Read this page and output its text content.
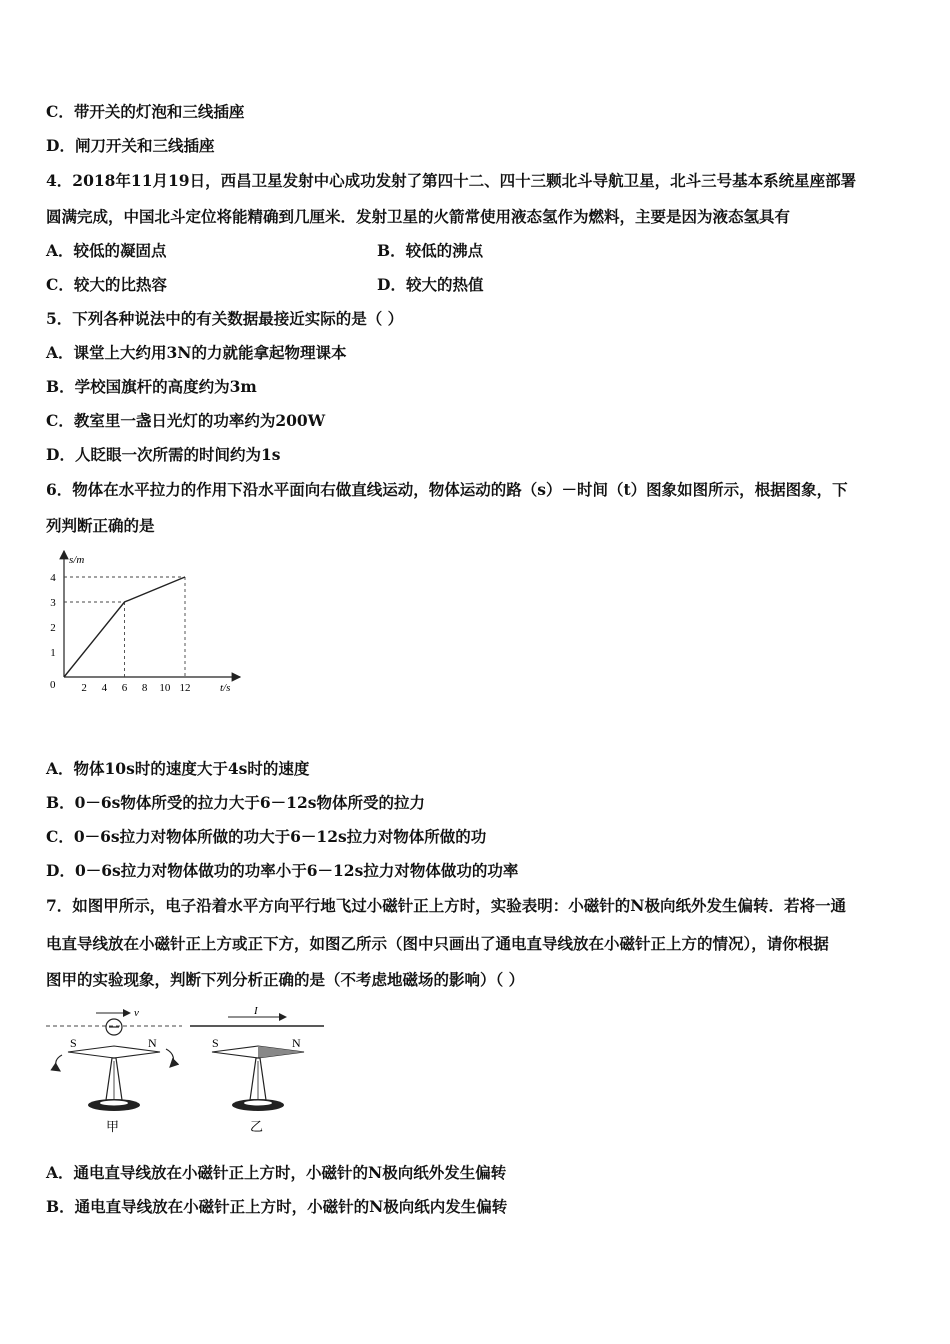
C．带开关的灯泡和三线插座
D．闸刀开关和三线插座
4．2018年11月19日，西昌卫星发射中心成功发射了第四十二、四十三颗北斗导航卫星，北斗三号基本系统星座部署
圆满完成，中国北斗定位将能精确到几厘米．发射卫星的火箭常使用液态氢作为燃料，主要是因为液态氢具有
A．较低的凝固点	B．较低的沸点
C．较大的比热容	D．较大的热值
5．下列各种说法中的有关数据最接近实际的是（ ）
A．课堂上大约用3N的力就能拿起物理课本
B．学校国旗杆的高度约为3m
C．教室里一盏日光灯的功率约为200W
D．人眨眼一次所需的时间约为1s
6．物体在水平拉力的作用下沿水平面向右做直线运动，物体运动的路（s）－时间（t）图象如图所示，根据图象，下
列判断正确的是
s/m
t/s
0 2 4 6 8 10 12
1
2
3
4
A．物体10s时的速度大于4s时的速度
B．0－6s物体所受的拉力大于6－12s物体所受的拉力
C．0－6s拉力对物体所做的功大于6－12s拉力对物体所做的功
D．0－6s拉力对物体做功的功率小于6－12s拉力对物体做功的功率
7．如图甲所示，电子沿着水平方向平行地飞过小磁针正上方时，实验表明：小磁针的N极向纸外发生偏转．若将一通
电直导线放在小磁针正上方或正下方，如图乙所示（图中只画出了通电直导线放在小磁针正上方的情况），请你根据
图甲的实验现象，判断下列分析正确的是（不考虑地磁场的影响）（ ）
v
S	N
甲
I
S	N
乙
A．通电直导线放在小磁针正上方时，小磁针的N极向纸外发生偏转
B．通电直导线放在小磁针正上方时，小磁针的N极向纸内发生偏转
